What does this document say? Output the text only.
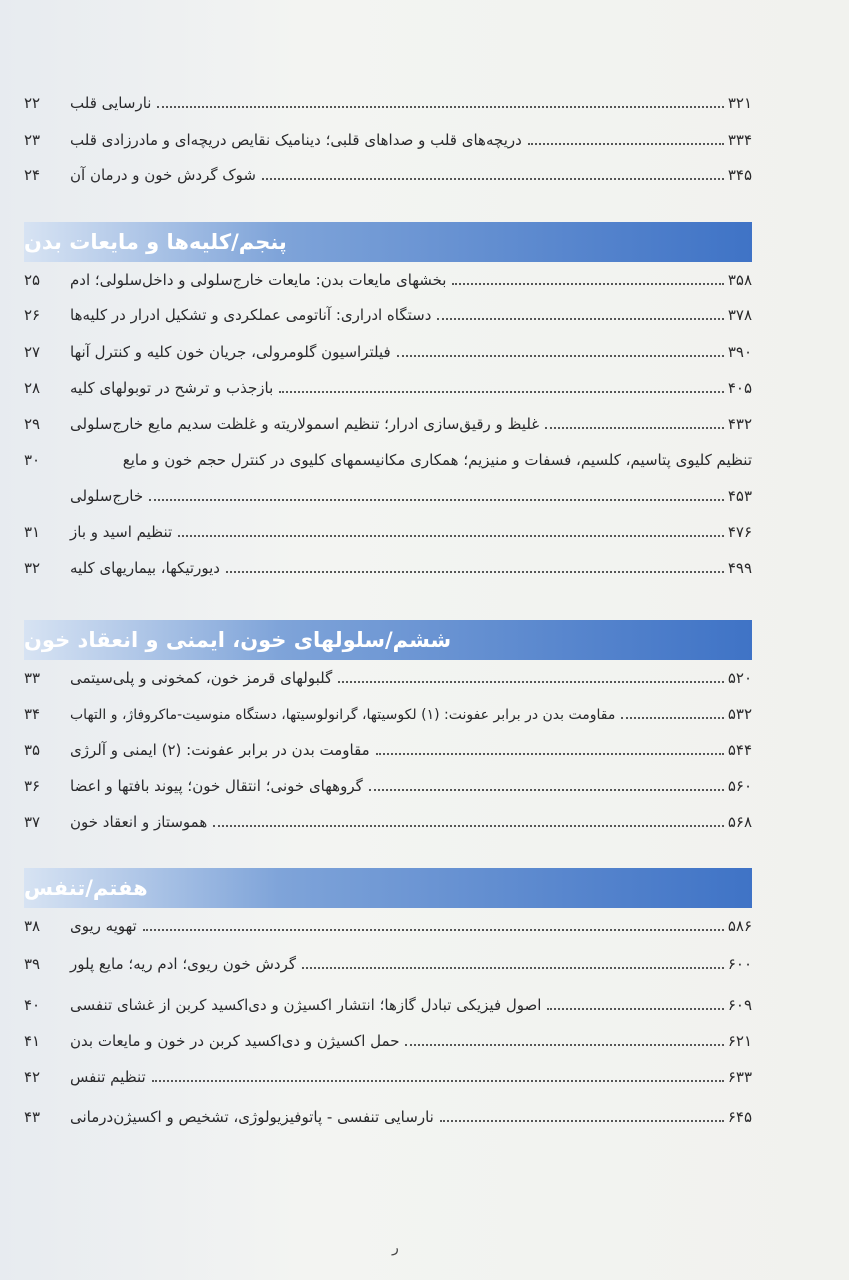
۲۲	نارسایی قلب	۳۲۱
۲۳	دریچه‌های قلب و صداهای قلبی؛ دینامیک نقایص دریچه‌ای و مادرزادی قلب	۳۳۴
۲۴	شوک گردش خون و درمان آن	۳۴۵
پنجم/کلیه‌ها و مایعات بدن
۲۵	بخشهای مایعات بدن: مایعات خارج‌سلولی و داخل‌سلولی؛ ادم	۳۵۸
۲۶	دستگاه ادراری: آناتومی عملکردی و تشکیل ادرار در کلیه‌ها	۳۷۸
۲۷	فیلتراسیون گلومرولی، جریان خون کلیه و کنترل آنها	۳۹۰
۲۸	بازجذب و ترشح در توبولهای کلیه	۴۰۵
۲۹	غلیظ و رقیق‌سازی ادرار؛ تنظیم اسمولاریته و غلظت سدیم مایع خارج‌سلولی	۴۳۲
۳۰	تنظیم کلیوی پتاسیم، کلسیم، فسفات و منیزیم؛ همکاری مکانیسمهای کلیوی در کنترل حجم خون و مایع
خارج‌سلولی	۴۵۳
۳۱	تنظیم اسید و باز	۴۷۶
۳۲	دیورتیکها، بیماریهای کلیه	۴۹۹
ششم/سلولهای خون، ایمنی و انعقاد خون
۳۳	گلبولهای قرمز خون، کمخونی و پلی‌سیتمی	۵۲۰
۳۴	مقاومت بدن در برابر عفونت: (۱) لکوسیتها، گرانولوسیتها، دستگاه منوسیت-ماکروفاژ، و التهاب	۵۳۲
۳۵	مقاومت بدن در برابر عفونت: (۲) ایمنی و آلرژی	۵۴۴
۳۶	گروههای خونی؛ انتقال خون؛ پیوند بافتها و اعضا	۵۶۰
۳۷	هموستاز و انعقاد خون	۵۶۸
هفتم/تنفس
۳۸	تهویه ریوی	۵۸۶
۳۹	گردش خون ریوی؛ ادم ریه؛ مایع پلور	۶۰۰
۴۰	اصول فیزیکی تبادل گازها؛ انتشار اکسیژن و دی‌اکسید کربن از غشای تنفسی	۶۰۹
۴۱	حمل اکسیژن و دی‌اکسید کربن در خون و مایعات بدن	۶۲۱
۴۲	تنظیم تنفس	۶۳۳
۴۳	نارسایی تنفسی - پاتوفیزیولوژی، تشخیص و اکسیژن‌درمانی	۶۴۵
ر
